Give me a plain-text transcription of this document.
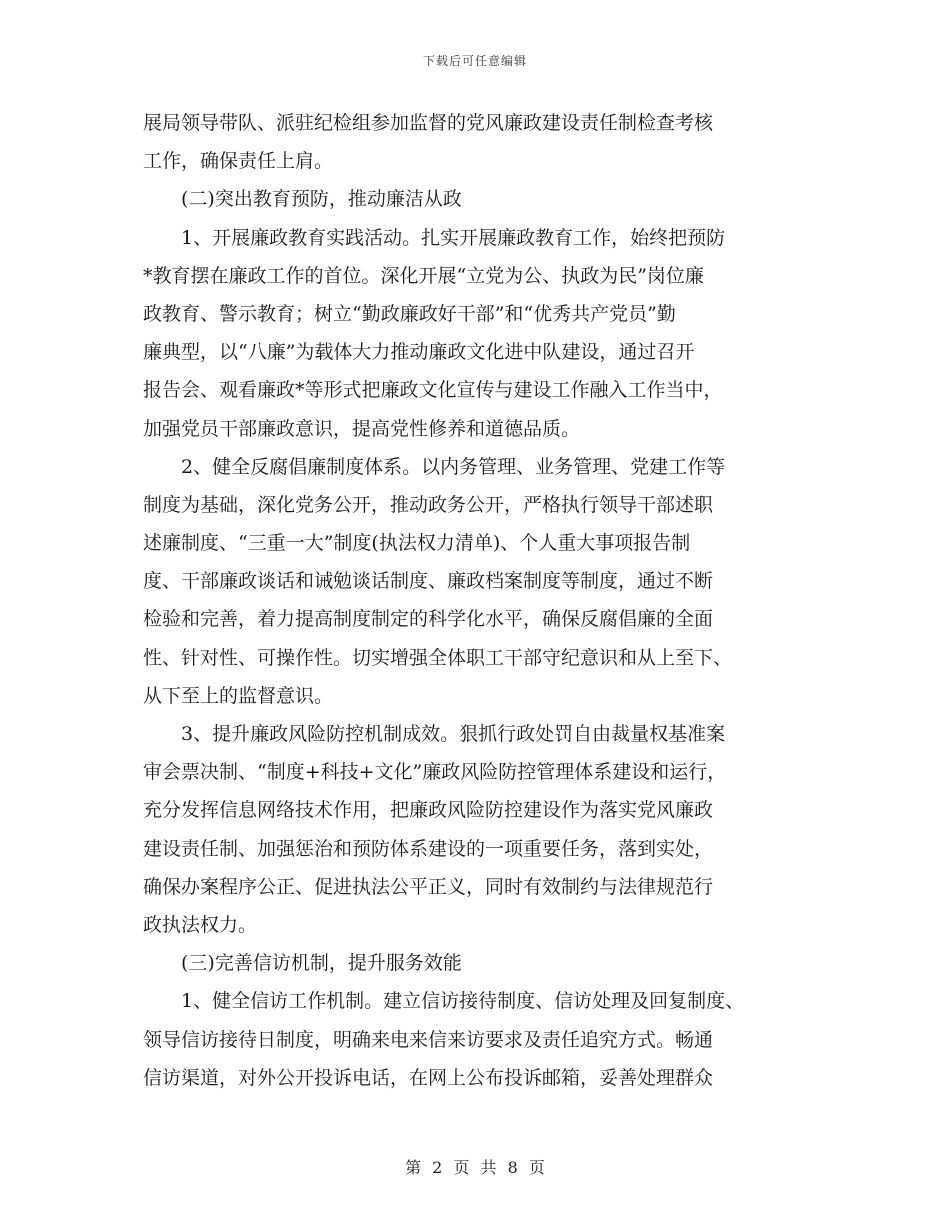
下载后可任意编辑
展局领导带队、派驻纪检组参加监督的党风廉政建设责任制检查考核
工作，确保责任上肩。
　　(二)突出教育预防，推动廉洁从政
　　1、开展廉政教育实践活动。扎实开展廉政教育工作，始终把预防
*教育摆在廉政工作的首位。深化开展“立党为公、执政为民”岗位廉
政教育、警示教育；树立“勤政廉政好干部”和“优秀共产党员”勤
廉典型，以“八廉”为载体大力推动廉政文化进中队建设，通过召开
报告会、观看廉政*等形式把廉政文化宣传与建设工作融入工作当中，
加强党员干部廉政意识，提高党性修养和道德品质。
　　2、健全反腐倡廉制度体系。以内务管理、业务管理、党建工作等
制度为基础，深化党务公开，推动政务公开，严格执行领导干部述职
述廉制度、“三重一大”制度(执法权力清单)、个人重大事项报告制
度、干部廉政谈话和诫勉谈话制度、廉政档案制度等制度，通过不断
检验和完善，着力提高制度制定的科学化水平，确保反腐倡廉的全面
性、针对性、可操作性。切实增强全体职工干部守纪意识和从上至下、
从下至上的监督意识。
　　3、提升廉政风险防控机制成效。狠抓行政处罚自由裁量权基准案
审会票决制、“制度+科技+文化”廉政风险防控管理体系建设和运行，
充分发挥信息网络技术作用，把廉政风险防控建设作为落实党风廉政
建设责任制、加强惩治和预防体系建设的一项重要任务，落到实处，
确保办案程序公正、促进执法公平正义，同时有效制约与法律规范行
政执法权力。
　　(三)完善信访机制，提升服务效能
　　1、健全信访工作机制。建立信访接待制度、信访处理及回复制度、
领导信访接待日制度，明确来电来信来访要求及责任追究方式。畅通
信访渠道，对外公开投诉电话，在网上公布投诉邮箱，妥善处理群众
第 2 页 共 8 页
